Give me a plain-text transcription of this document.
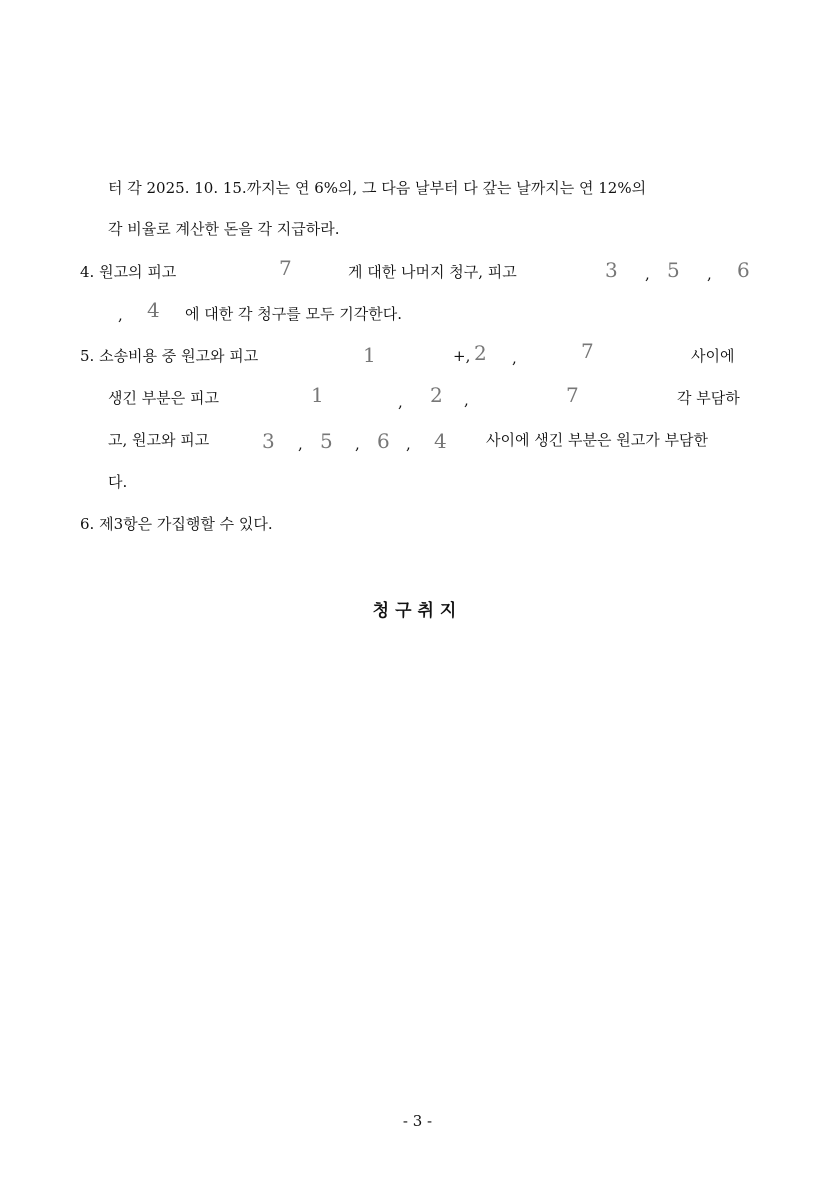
터 각 2025. 10. 15.까지는 연 6%의, 그 다음 날부터 다 갚는 날까지는 연 12%의
각 비율로 계산한 돈을 각 지급하라.
4. 원고의 피고	7	게 대한 나머지 청구, 피고	3 , 5 , 6
, 4 에 대한 각 청구를 모두 기각한다.
5. 소송비용 중 원고와 피고	1	+, 2 ,	7	사이에
생긴 부분은 피고	1	, 2 ,	7	각 부담하
고, 원고와 피고	3 , 5 , 6 , 4	사이에 생긴 부분은 원고가 부담한
다.
6. 제3항은 가집행할 수 있다.
청구취지
- 3 -
